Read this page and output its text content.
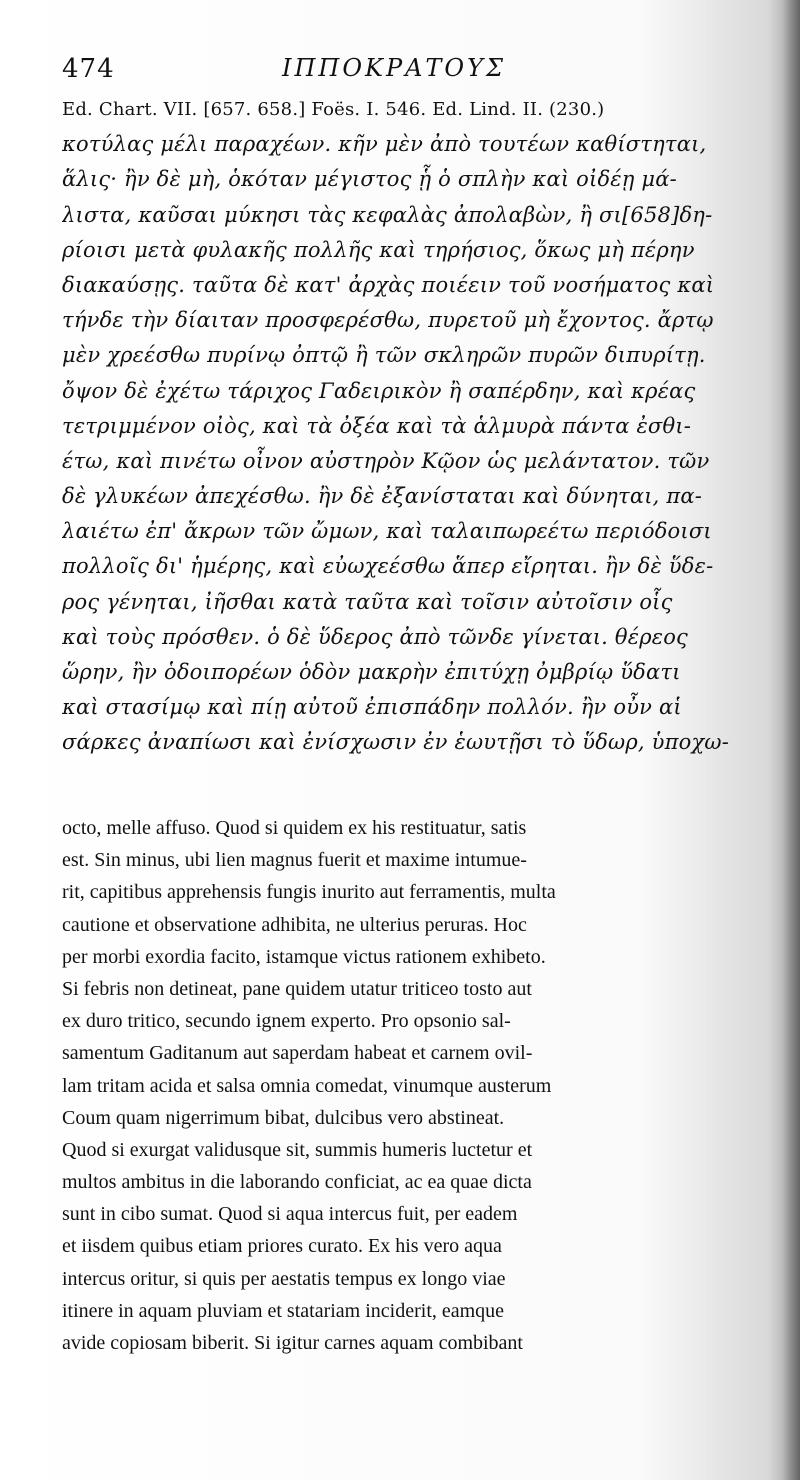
474	ΙΠΠΟΚΡΑΤΟΥΣ
Ed. Chart. VII. [657. 658.] Foës. I. 546. Ed. Lind. II. (230.)
κοτύλας μέλι παραχέων. κῆν μὲν ἀπὸ τουτέων καθίστηται,
ἅλις· ἢν δὲ μὴ, ὁκόταν μέγιστος ᾗ ὁ σπλὴν καὶ οἰδέῃ μά-
λιστα, καῦσαι μύκησι τὰς κεφαλὰς ἀπολαβὼν, ἢ σι[658]δη-
ρίοισι μετὰ φυλακῆς πολλῆς καὶ τηρήσιος, ὅκως μὴ πέρην
διακαύσῃς. ταῦτα δὲ κατ' ἀρχὰς ποιέειν τοῦ νοσήματος καὶ
τήνδε τὴν δίαιταν προσφερέσθω, πυρετοῦ μὴ ἔχοντος. ἄρτῳ
μὲν χρεέσθω πυρίνῳ ὀπτῷ ἢ τῶν σκληρῶν πυρῶν διπυρίτῃ.
ὄψον δὲ ἐχέτω τάριχος Γαδειρικὸν ἢ σαπέρδην, καὶ κρέας
τετριμμένον οἰὸς, καὶ τὰ ὀξέα καὶ τὰ ἁλμυρὰ πάντα ἐσθι-
έτω, καὶ πινέτω οἶνον αὐστηρὸν Κῷον ὡς μελάντατον. τῶν
δὲ γλυκέων ἀπεχέσθω. ἢν δὲ ἐξανίσταται καὶ δύνηται, πα-
λαιέτω ἐπ' ἄκρων τῶν ὤμων, καὶ ταλαιπωρεέτω περιόδοισι
πολλοῖς δι' ἡμέρης, καὶ εὐωχεέσθω ἅπερ εἴρηται. ἢν δὲ ὕδε-
ρος γένηται, ἰῆσθαι κατὰ ταῦτα καὶ τοῖσιν αὐτοῖσιν οἷς
καὶ τοὺς πρόσθεν. ὁ δὲ ὕδερος ἀπὸ τῶνδε γίνεται. θέρεος
ὥρην, ἢν ὁδοιπορέων ὁδὸν μακρὴν ἐπιτύχῃ ὀμβρίῳ ὕδατι
καὶ στασίμῳ καὶ πίῃ αὐτοῦ ἐπισπάδην πολλόν. ἢν οὖν αἱ
σάρκες ἀναπίωσι καὶ ἐνίσχωσιν ἐν ἑωυτῇσι τὸ ὕδωρ, ὑποχω-
octo, melle affuso. Quod si quidem ex his restituatur, satis
est. Sin minus, ubi lien magnus fuerit et maxime intumue-
rit, capitibus apprehensis fungis inurito aut ferramentis, multa
cautione et observatione adhibita, ne ulterius peruras. Hoc
per morbi exordia facito, istamque victus rationem exhibeto.
Si febris non detineat, pane quidem utatur triticeo tosto aut
ex duro tritico, secundo ignem experto. Pro opsonio sal-
samentum Gaditanum aut saperdam habeat et carnem ovil-
lam tritam acida et salsa omnia comedat, vinumque austerum
Coum quam nigerrimum bibat, dulcibus vero abstineat.
Quod si exurgat validusque sit, summis humeris luctetur et
multos ambitus in die laborando conficiat, ac ea quae dicta
sunt in cibo sumat. Quod si aqua intercus fuit, per eadem
et iisdem quibus etiam priores curato. Ex his vero aqua
intercus oritur, si quis per aestatis tempus ex longo viae
itinere in aquam pluviam et statariam inciderit, eamque
avide copiosam biberit. Si igitur carnes aquam combibant
